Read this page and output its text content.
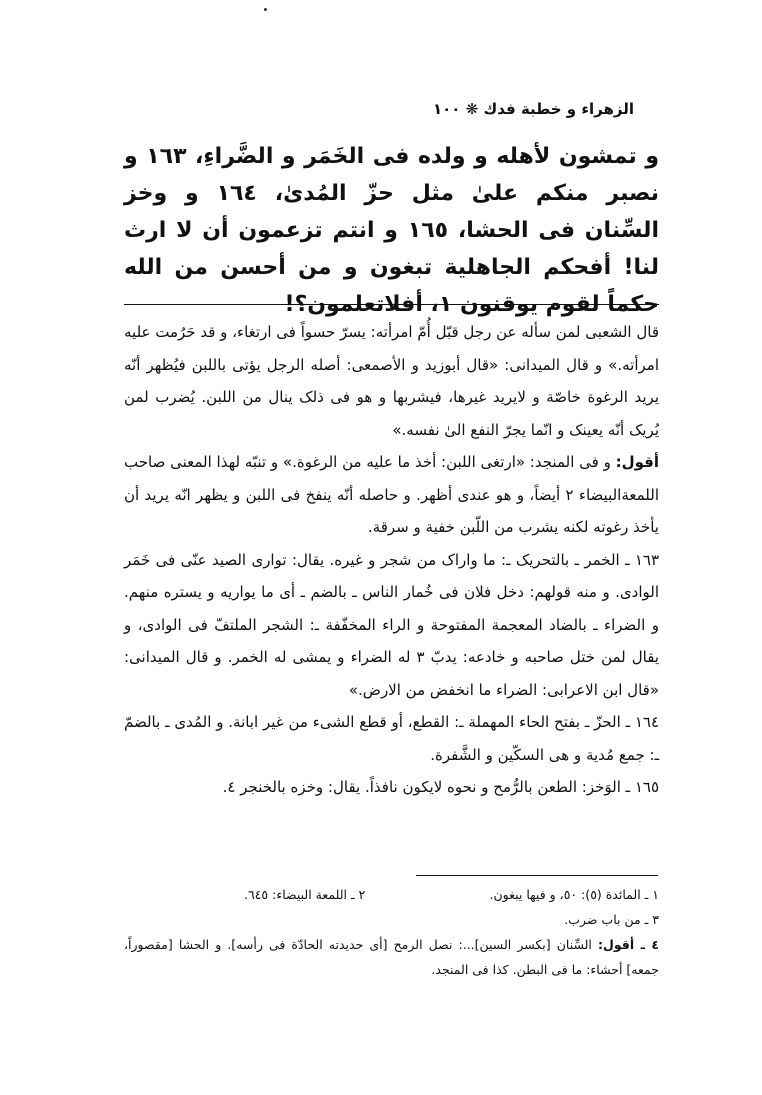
الزهراء و خطبة فدك ❋ ١٠٠
و تمشون لأهله و ولده فی الخَمَر و الضَّراءِ، ١٦٣ و نصبر منكم علیٰ مثل حزّ المُدیٰ، ١٦٤ و وخز السِّنان فی الحشا، ١٦٥ و انتم تزعمون أن لا ارث لنا! أفحكم الجاهلية تبغون و من أحسن من الله حكماً لقوم يوقنون ١، أفلاتعلمون؟!

قال الشعبی لمن سأله عن رجل قبّل أُمّ امرأته: يسرّ حسواً فی ارتغاء، و قد حَرُمت عليه امرأته.» و قال الميدانی: «قال أبوزيد و الأصمعی: أصله الرجل يؤتی باللبن فيُظهر أنّه يريد الرغوة خاصّة و لايريد غيرها، فيشربها و هو فی ذلک ينال من اللبن. يُضرب لمن يُريک أنّه يعينک و انّما يجرّ النفع الیٰ نفسه.»

أقول: و فی المنجد: «ارتغی اللبن: أخذ ما عليه من الرغوة.» و تنبّه لهذا المعنی صاحب اللمعةالبيضاء ٢ أيضاً، و هو عندی أظهر. و حاصله أنّه ينفخ فی اللبن و يظهر انّه يريد أن يأخذ رغوته لكنه يشرب من اللّبن خفية و سرقة.

١٦٣ ـ الخمر ـ بالتحريک ـ: ما واراک من شجر و غيره. يقال: تواری الصيد عنّی فی خَمَر الوادی. و منه قولهم: دخل فلان فی خُمار الناس ـ بالضم ـ أی ما يواريه و يستره منهم. و الضراء ـ بالضاد المعجمة المفتوحة و الراء المخفّفة ـ: الشجر الملتفّ فی الوادی، و يقال لمن ختل صاحبه و خادعه: يدبّ ٣ له الضراء و يمشی له الخمر. و قال الميدانی: «قال ابن الاعرابی: الضراء ما انخفض من الارض.»

١٦٤ ـ الحزّ ـ بفتح الحاء المهملة ـ: القطع، أو قطع الشیء من غير ابانة. و المُدی ـ بالضمّ ـ: جمع مُدية و هی السكّين و الشَّفرة.

١٦٥ ـ الوَخز: الطعن بالرُّمح و نحوه لايكون نافذاً. يقال: وخزه بالخنجر ٤.

١ ـ المائدة (٥): ٥٠، و فيها يبغون.
٢ ـ اللمعة البيضاء: ٦٤٥.
٣ ـ من باب ضرب.
٤ ـ أقول: السِّنان [بكسر السين]...: نصل الرمح [أی حديدته الحادّة فی رأسه]. و الحشا [مقصوراً، جمعه] أحشاء: ما فی البطن. كذا فی المنجد.
